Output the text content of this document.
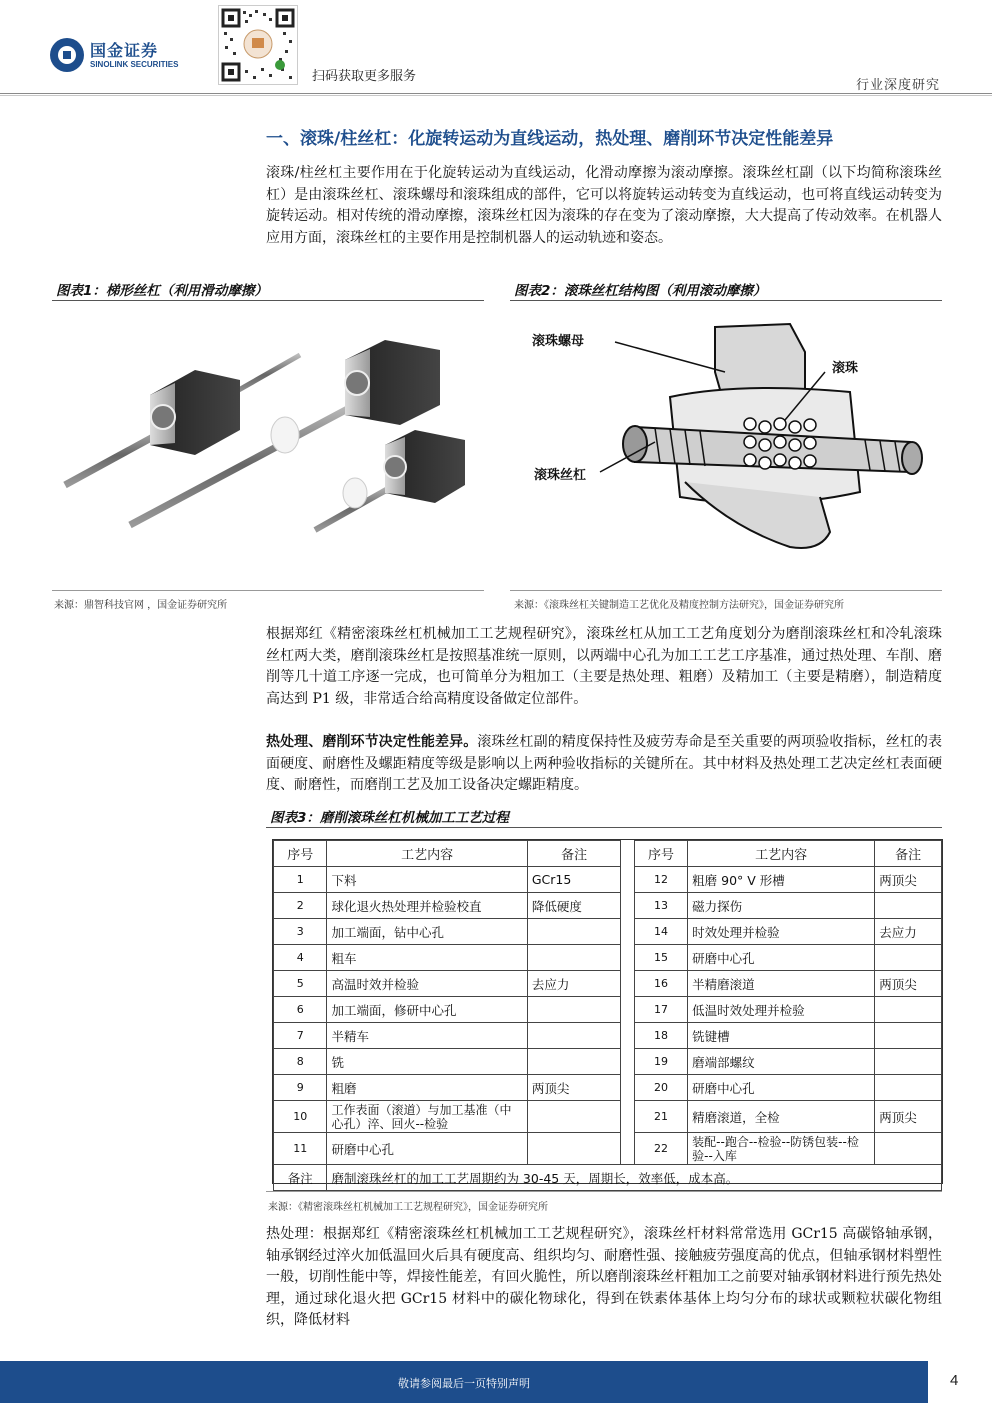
国金证券
SINOLINK SECURITIES
扫码获取更多服务
行业深度研究
一、滚珠/柱丝杠：化旋转运动为直线运动，热处理、磨削环节决定性能差异
滚珠/柱丝杠主要作用在于化旋转运动为直线运动，化滑动摩擦为滚动摩擦。滚珠丝杠副（以下均简称滚珠丝杠）是由滚珠丝杠、滚珠螺母和滚珠组成的部件，它可以将旋转运动转变为直线运动，也可将直线运动转变为旋转运动。相对传统的滑动摩擦，滚珠丝杠因为滚珠的存在变为了滚动摩擦，大大提高了传动效率。在机器人应用方面，滚珠丝杠的主要作用是控制机器人的运动轨迹和姿态。
图表1：梯形丝杠（利用滑动摩擦）	图表2：滚珠丝杠结构图（利用滚动摩擦）
滚珠螺母
滚珠
滚珠丝杠
来源：鼎智科技官网 ，国金证券研究所	来源：《滚珠丝杠关键制造工艺优化及精度控制方法研究》，国金证券研究所
根据郑红《精密滚珠丝杠机械加工工艺规程研究》，滚珠丝杠从加工工艺角度划分为磨削滚珠丝杠和冷轧滚珠丝杠两大类，磨削滚珠丝杠是按照基准统一原则，以两端中心孔为加工工艺工序基准，通过热处理、车削、磨削等几十道工序逐一完成，也可简单分为粗加工（主要是热处理、粗磨）及精加工（主要是精磨），制造精度高达到 P1 级，非常适合给高精度设备做定位部件。
热处理、磨削环节决定性能差异。滚珠丝杠副的精度保持性及疲劳寿命是至关重要的两项验收指标，丝杠的表面硬度、耐磨性及螺距精度等级是影响以上两种验收指标的关键所在。其中材料及热处理工艺决定丝杠表面硬度、耐磨性，而磨削工艺及加工设备决定螺距精度。
图表3：磨削滚珠丝杠机械加工工艺过程
序号	工艺内容	备注		序号	工艺内容	备注
1	下料	GCr15		12	粗磨 90° V 形槽	两顶尖
2	球化退火热处理并检验校直	降低硬度		13	磁力探伤	
3	加工端面，钻中心孔			14	时效处理并检验	去应力
4	粗车			15	研磨中心孔	
5	高温时效并检验	去应力		16	半精磨滚道	两顶尖
6	加工端面，修研中心孔			17	低温时效处理并检验	
7	半精车			18	铣键槽	
8	铣			19	磨端部螺纹	
9	粗磨	两顶尖		20	研磨中心孔	
10	工作表面（滚道）与加工基准（中心孔）淬、回火--检验			21	精磨滚道，全检	两顶尖
11	研磨中心孔			22	装配--跑合--检验--防锈包装--检验--入库	
备注	磨制滚珠丝杠的加工工艺周期约为 30-45 天，周期长，效率低，成本高。					
来源：《精密滚珠丝杠机械加工工艺规程研究》，国金证券研究所
热处理：根据郑红《精密滚珠丝杠机械加工工艺规程研究》，滚珠丝杆材料常常选用 GCr15 高碳铬轴承钢，轴承钢经过淬火加低温回火后具有硬度高、组织均匀、耐磨性强、接触疲劳强度高的优点，但轴承钢材料塑性一般，切削性能中等，焊接性能差，有回火脆性，所以磨削滚珠丝杆粗加工之前要对轴承钢材料进行预先热处理，通过球化退火把 GCr15 材料中的碳化物球化，得到在铁素体基体上均匀分布的球状或颗粒状碳化物组织，降低材料
敬请参阅最后一页特别声明	4
